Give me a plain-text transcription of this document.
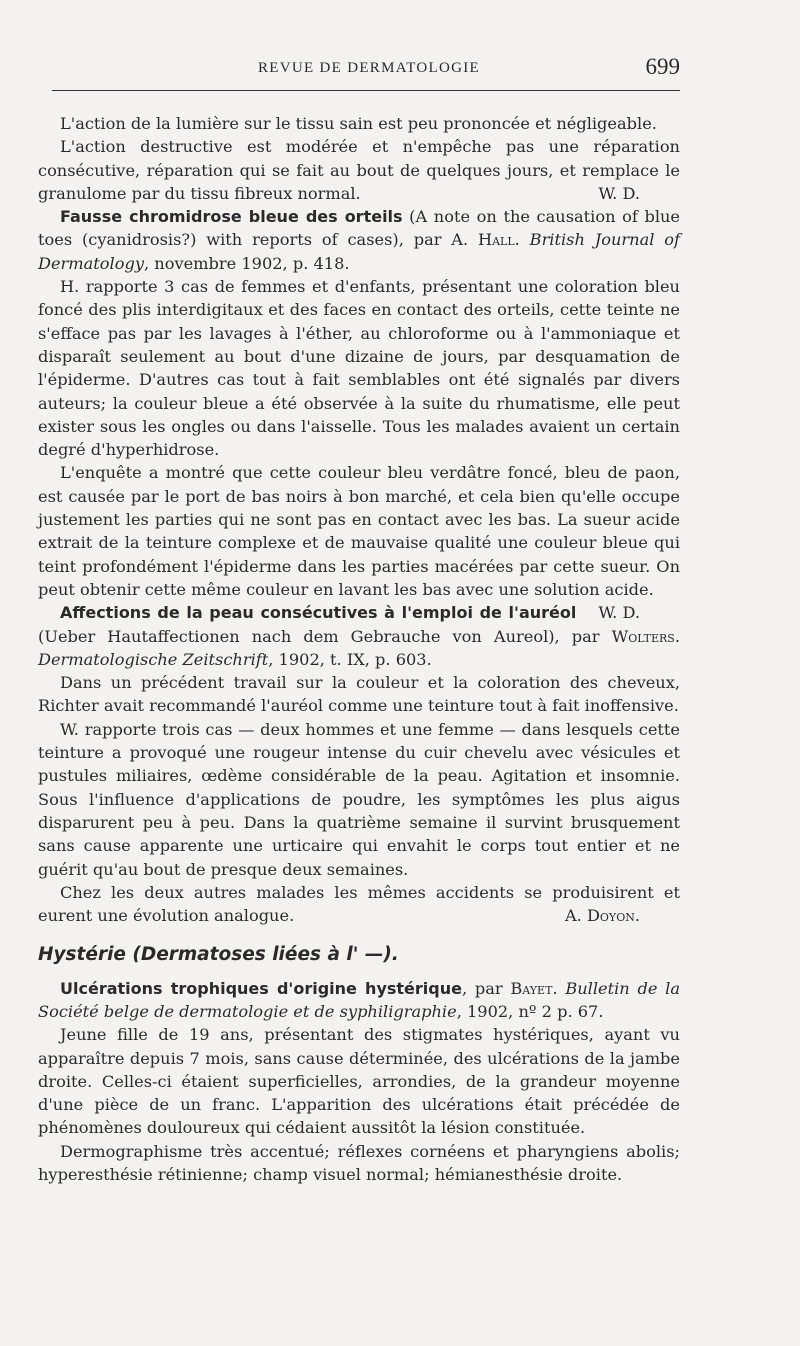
REVUE DE DERMATOLOGIE	699

L'action de la lumière sur le tissu sain est peu prononcée et négligeable.

L'action destructive est modérée et n'empêche pas une réparation consécutive, réparation qui se fait au bout de quelques jours, et remplace le granulome par du tissu fibreux normal.	W. D.

Fausse chromidrose bleue des orteils (A note on the causation of blue toes (cyanidrosis?) with reports of cases), par A. Hall. British Journal of Dermatology, novembre 1902, p. 418.

H. rapporte 3 cas de femmes et d'enfants, présentant une coloration bleu foncé des plis interdigitaux et des faces en contact des orteils, cette teinte ne s'efface pas par les lavages à l'éther, au chloroforme ou à l'ammoniaque et disparaît seulement au bout d'une dizaine de jours, par desquamation de l'épiderme. D'autres cas tout à fait semblables ont été signalés par divers auteurs; la couleur bleue a été observée à la suite du rhumatisme, elle peut exister sous les ongles ou dans l'aisselle. Tous les malades avaient un certain degré d'hyperhidrose.

L'enquête a montré que cette couleur bleu verdâtre foncé, bleu de paon, est causée par le port de bas noirs à bon marché, et cela bien qu'elle occupe justement les parties qui ne sont pas en contact avec les bas. La sueur acide extrait de la teinture complexe et de mauvaise qualité une couleur bleue qui teint profondément l'épiderme dans les parties macérées par cette sueur. On peut obtenir cette même couleur en lavant les bas avec une solution acide.
W. D.

Affections de la peau consécutives à l'emploi de l'auréol (Ueber Hautaffectionen nach dem Gebrauche von Aureol), par Wolters. Dermatologische Zeitschrift, 1902, t. IX, p. 603.

Dans un précédent travail sur la couleur et la coloration des cheveux, Richter avait recommandé l'auréol comme une teinture tout à fait inoffensive.

W. rapporte trois cas — deux hommes et une femme — dans lesquels cette teinture a provoqué une rougeur intense du cuir chevelu avec vésicules et pustules miliaires, œdème considérable de la peau. Agitation et insomnie. Sous l'influence d'applications de poudre, les symptômes les plus aigus disparurent peu à peu. Dans la quatrième semaine il survint brusquement sans cause apparente une urticaire qui envahit le corps tout entier et ne guérit qu'au bout de presque deux semaines.

Chez les deux autres malades les mêmes accidents se produisirent et eurent une évolution analogue.	A. Doyon.

Hystérie (Dermatoses liées à l' —).

Ulcérations trophiques d'origine hystérique, par Bayet. Bulletin de la Société belge de dermatologie et de syphiligraphie, 1902, nº 2 p. 67.

Jeune fille de 19 ans, présentant des stigmates hystériques, ayant vu apparaître depuis 7 mois, sans cause déterminée, des ulcérations de la jambe droite. Celles-ci étaient superficielles, arrondies, de la grandeur moyenne d'une pièce de un franc. L'apparition des ulcérations était précédée de phénomènes douloureux qui cédaient aussitôt la lésion constituée.

Dermographisme très accentué; réflexes cornéens et pharyngiens abolis; hyperesthésie rétinienne; champ visuel normal; hémianesthésie droite.
